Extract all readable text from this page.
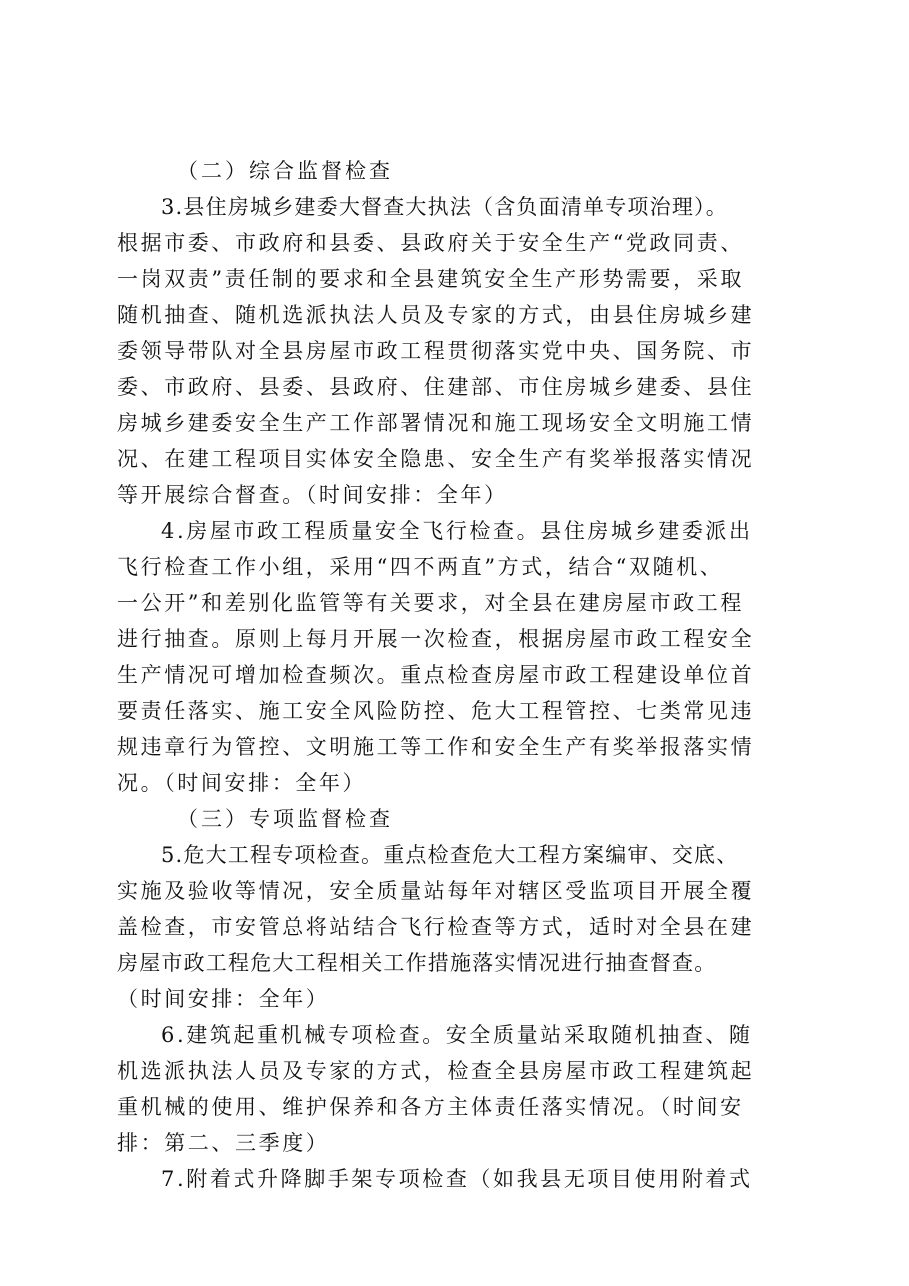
（二）综合监督检查

3.县住房城乡建委大督查大执法（含负面清单专项治理）。
根据市委、市政府和县委、县政府关于安全生产“党政同责、
一岗双责”责任制的要求和全县建筑安全生产形势需要，采取
随机抽查、随机选派执法人员及专家的方式，由县住房城乡建
委领导带队对全县房屋市政工程贯彻落实党中央、国务院、市
委、市政府、县委、县政府、住建部、市住房城乡建委、县住
房城乡建委安全生产工作部署情况和施工现场安全文明施工情
况、在建工程项目实体安全隐患、安全生产有奖举报落实情况
等开展综合督查。（时间安排：全年）

4.房屋市政工程质量安全飞行检查。县住房城乡建委派出
飞行检查工作小组，采用“四不两直”方式，结合“双随机、
一公开”和差别化监管等有关要求，对全县在建房屋市政工程
进行抽查。原则上每月开展一次检查，根据房屋市政工程安全
生产情况可增加检查频次。重点检查房屋市政工程建设单位首
要责任落实、施工安全风险防控、危大工程管控、七类常见违
规违章行为管控、文明施工等工作和安全生产有奖举报落实情
况。（时间安排：全年）

（三）专项监督检查

5.危大工程专项检查。重点检查危大工程方案编审、交底、
实施及验收等情况，安全质量站每年对辖区受监项目开展全覆
盖检查，市安管总将站结合飞行检查等方式，适时对全县在建
房屋市政工程危大工程相关工作措施落实情况进行抽查督查。
（时间安排：全年）

6.建筑起重机械专项检查。安全质量站采取随机抽查、随
机选派执法人员及专家的方式，检查全县房屋市政工程建筑起
重机械的使用、维护保养和各方主体责任落实情况。（时间安
排：第二、三季度）

7.附着式升降脚手架专项检查（如我县无项目使用附着式
